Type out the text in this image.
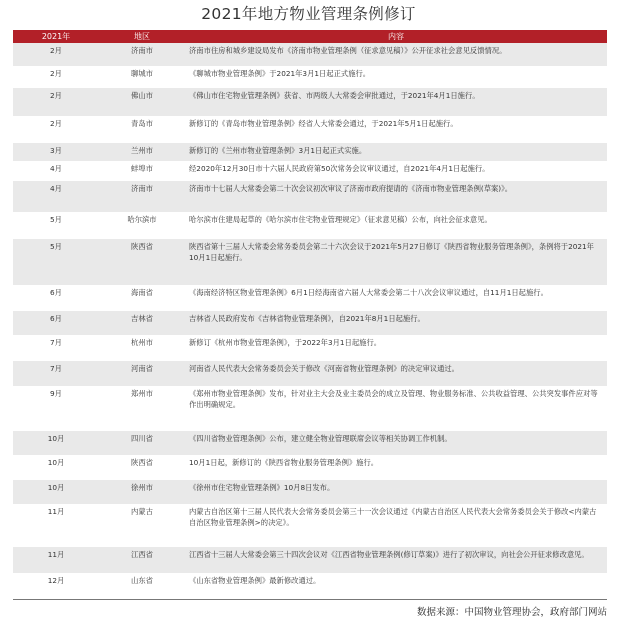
2021年地方物业管理条例修订
2021年	地区	内容
2月	济南市	济南市住房和城乡建设局发布《济南市物业管理条例（征求意见稿）》公开征求社会意见反馈情况。
2月	聊城市	《聊城市物业管理条例》于2021年3月1日起正式施行。
2月	佛山市	《佛山市住宅物业管理条例》获省、市两级人大常委会审批通过，于2021年4月1日施行。
2月	青岛市	新修订的《青岛市物业管理条例》经省人大常委会通过，于2021年5月1日起施行。
3月	兰州市	新修订的《兰州市物业管理条例》3月1日起正式实施。
4月	蚌埠市	经2020年12月30日市十六届人民政府第50次常务会议审议通过，自2021年4月1日起施行。
4月	济南市	济南市十七届人大常委会第二十次会议初次审议了济南市政府提请的《济南市物业管理条例(草案)》。
5月	哈尔滨市	哈尔滨市住建局起草的《哈尔滨市住宅物业管理规定》（征求意见稿）公布，向社会征求意见。
5月	陕西省	陕西省第十三届人大常委会常务委员会第二十六次会议于2021年5月27日修订《陕西省物业服务管理条例》，条例将于2021年10月1日起施行。
6月	海南省	《海南经济特区物业管理条例》6月1日经海南省六届人大常委会第二十八次会议审议通过，自11月1日起施行。
6月	吉林省	吉林省人民政府发布《吉林省物业管理条例》，自2021年8月1日起施行。
7月	杭州市	新修订《杭州市物业管理条例》，于2022年3月1日起施行。
7月	河南省	河南省人民代表大会常务委员会关于修改《河南省物业管理条例》的决定审议通过。
9月	郑州市	《郑州市物业管理条例》发布，针对业主大会及业主委员会的成立及管理、物业服务标准、公共收益管理、公共突发事件应对等作出明确规定。
10月	四川省	《四川省物业管理条例》公布，建立健全物业管理联席会议等相关协调工作机制。
10月	陕西省	10月1日起，新修订的《陕西省物业服务管理条例》施行。
10月	徐州市	《徐州市住宅物业管理条例》10月8日发布。
11月	内蒙古	内蒙古自治区第十三届人民代表大会常务委员会第三十一次会议通过《内蒙古自治区人民代表大会常务委员会关于修改<内蒙古自治区物业管理条例>的决定》。
11月	江西省	江西省十三届人大常委会第三十四次会议对《江西省物业管理条例(修订草案)》进行了初次审议，向社会公开征求修改意见。
12月	山东省	《山东省物业管理条例》最新修改通过。
数据来源：中国物业管理协会，政府部门网站
